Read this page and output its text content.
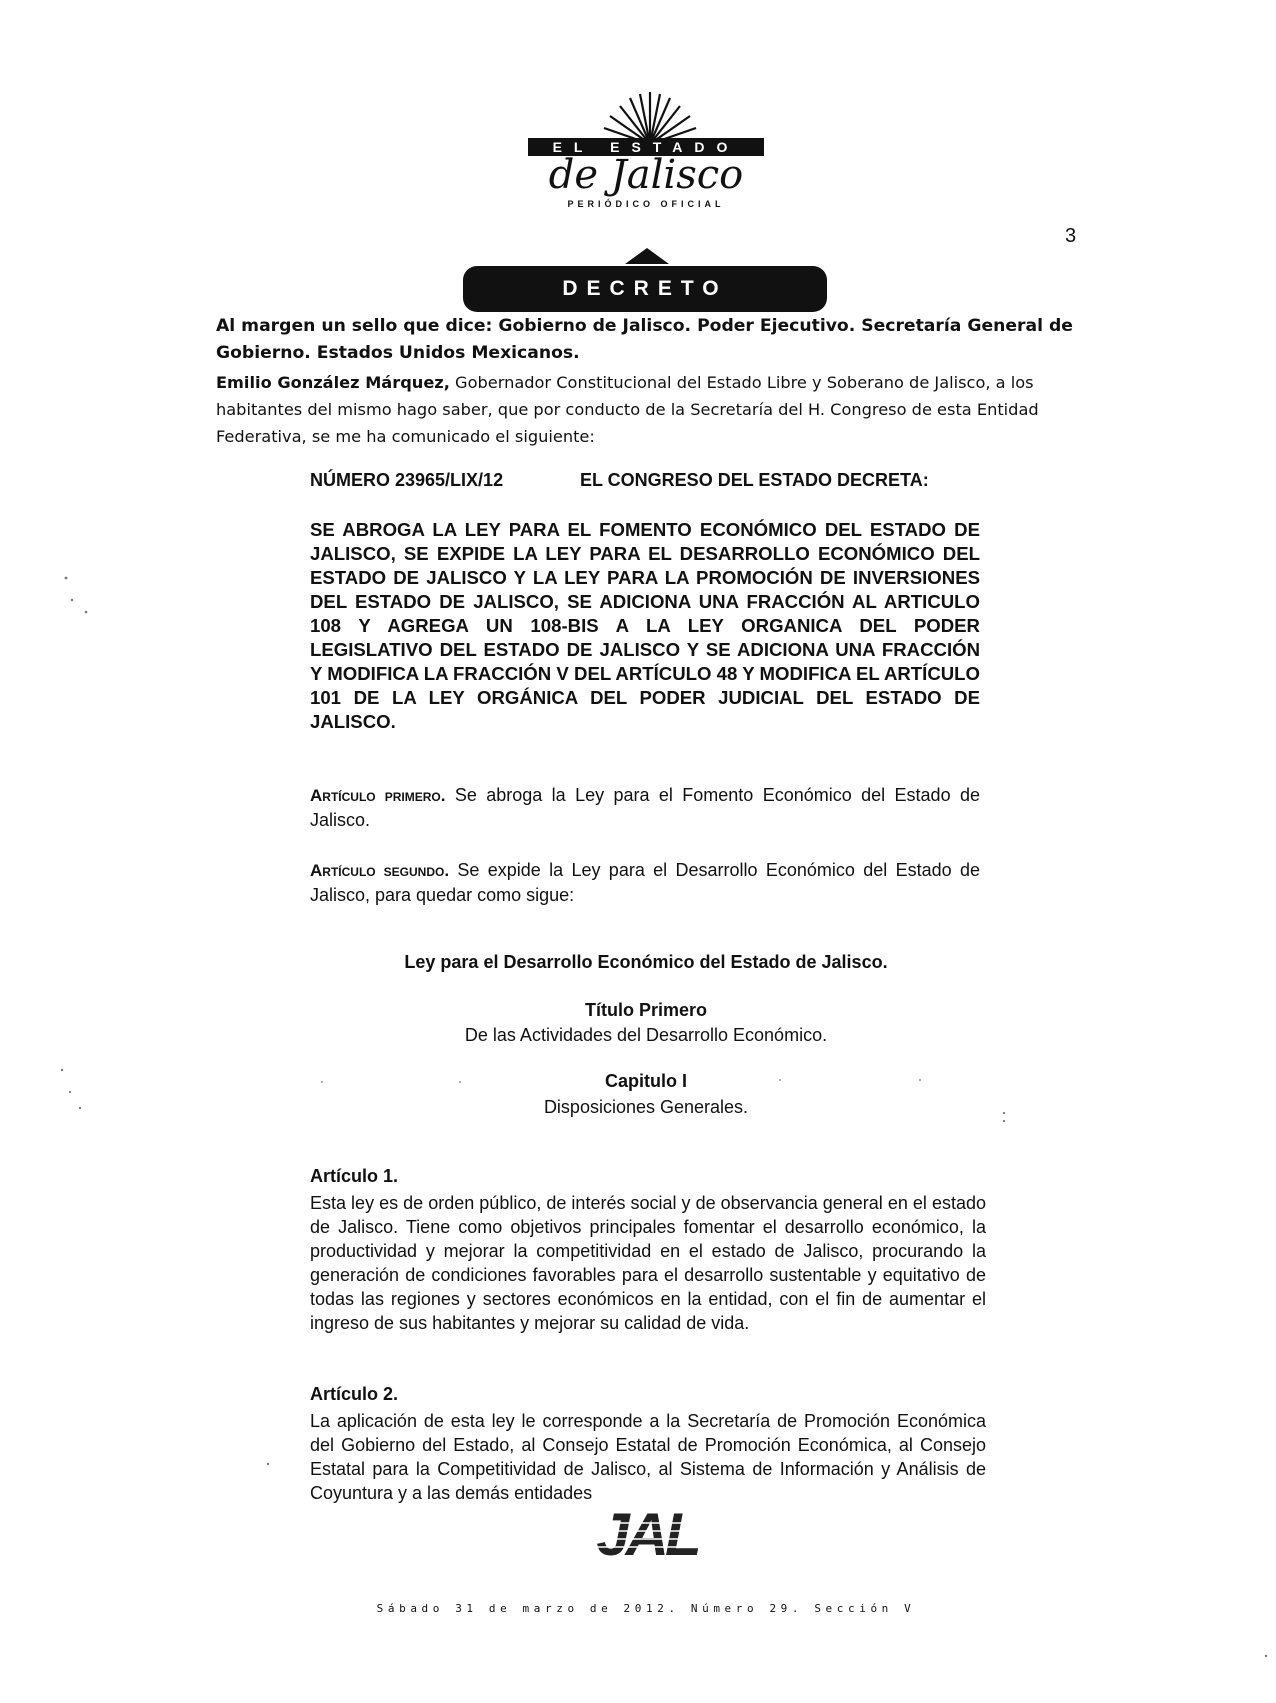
EL ESTADO
de Jalisco
PERIÓDICO OFICIAL
3
DECRETO
Al margen un sello que dice: Gobierno de Jalisco. Poder Ejecutivo. Secretaría General de Gobierno. Estados Unidos Mexicanos.
Emilio González Márquez, Gobernador Constitucional del Estado Libre y Soberano de Jalisco, a los habitantes del mismo hago saber, que por conducto de la Secretaría del H. Congreso de esta Entidad Federativa, se me ha comunicado el siguiente:
NÚMERO 23965/LIX/12	EL CONGRESO DEL ESTADO DECRETA:
SE ABROGA LA LEY PARA EL FOMENTO ECONÓMICO DEL ESTADO DE JALISCO, SE EXPIDE LA LEY PARA EL DESARROLLO ECONÓMICO DEL ESTADO DE JALISCO Y LA LEY PARA LA PROMOCIÓN DE INVERSIONES DEL ESTADO DE JALISCO, SE ADICIONA UNA FRACCIÓN AL ARTICULO 108 Y AGREGA UN 108-BIS A LA LEY ORGANICA DEL PODER LEGISLATIVO DEL ESTADO DE JALISCO Y SE ADICIONA UNA FRACCIÓN Y MODIFICA LA FRACCIÓN V DEL ARTÍCULO 48 Y MODIFICA EL ARTÍCULO 101 DE LA LEY ORGÁNICA DEL PODER JUDICIAL DEL ESTADO DE JALISCO.
Artículo primero. Se abroga la Ley para el Fomento Económico del Estado de Jalisco.
Artículo segundo. Se expide la Ley para el Desarrollo Económico del Estado de Jalisco, para quedar como sigue:
Ley para el Desarrollo Económico del Estado de Jalisco.
Título Primero
De las Actividades del Desarrollo Económico.
Capitulo I
Disposiciones Generales.
Artículo 1.
Esta ley es de orden público, de interés social y de observancia general en el estado de Jalisco. Tiene como objetivos principales fomentar el desarrollo económico, la productividad y mejorar la competitividad en el estado de Jalisco, procurando la generación de condiciones favorables para el desarrollo sustentable y equitativo de todas las regiones y sectores económicos en la entidad, con el fin de aumentar el ingreso de sus habitantes y mejorar su calidad de vida.
Artículo 2.
La aplicación de esta ley le corresponde a la Secretaría de Promoción Económica del Gobierno del Estado, al Consejo Estatal de Promoción Económica, al Consejo Estatal para la Competitividad de Jalisco, al Sistema de Información y Análisis de Coyuntura y a las demás entidades
JAL
Sábado 31 de marzo de 2012. Número 29. Sección V
